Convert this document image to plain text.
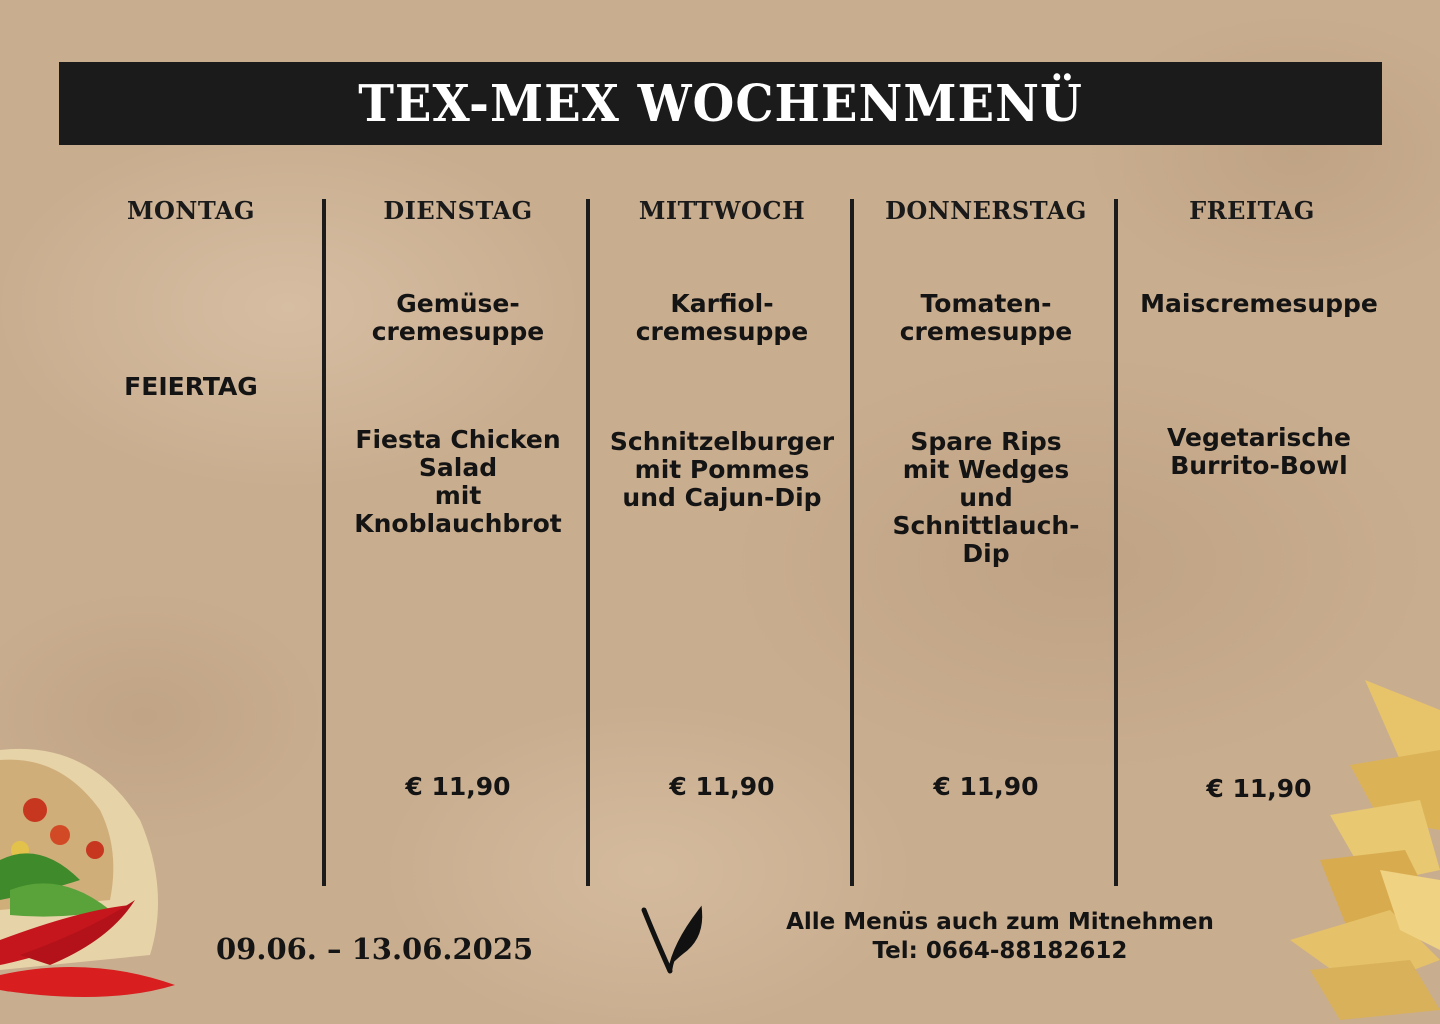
TEX-MEX WOCHENMENÜ
MONTAG
FEIERTAG
DIENSTAG
Gemüse-
cremesuppe
Fiesta Chicken
Salad
mit
Knoblauchbrot
€ 11,90
MITTWOCH
Karfiol-
cremesuppe
Schnitzelburger
mit Pommes
und Cajun-Dip
€ 11,90
DONNERSTAG
Tomaten-
cremesuppe
Spare Rips
mit Wedges
und
Schnittlauch-
Dip
€ 11,90
FREITAG
Maiscremesuppe
Vegetarische
Burrito-Bowl
€ 11,90
09.06. – 13.06.2025
Alle Menüs auch zum Mitnehmen
Tel: 0664-88182612
